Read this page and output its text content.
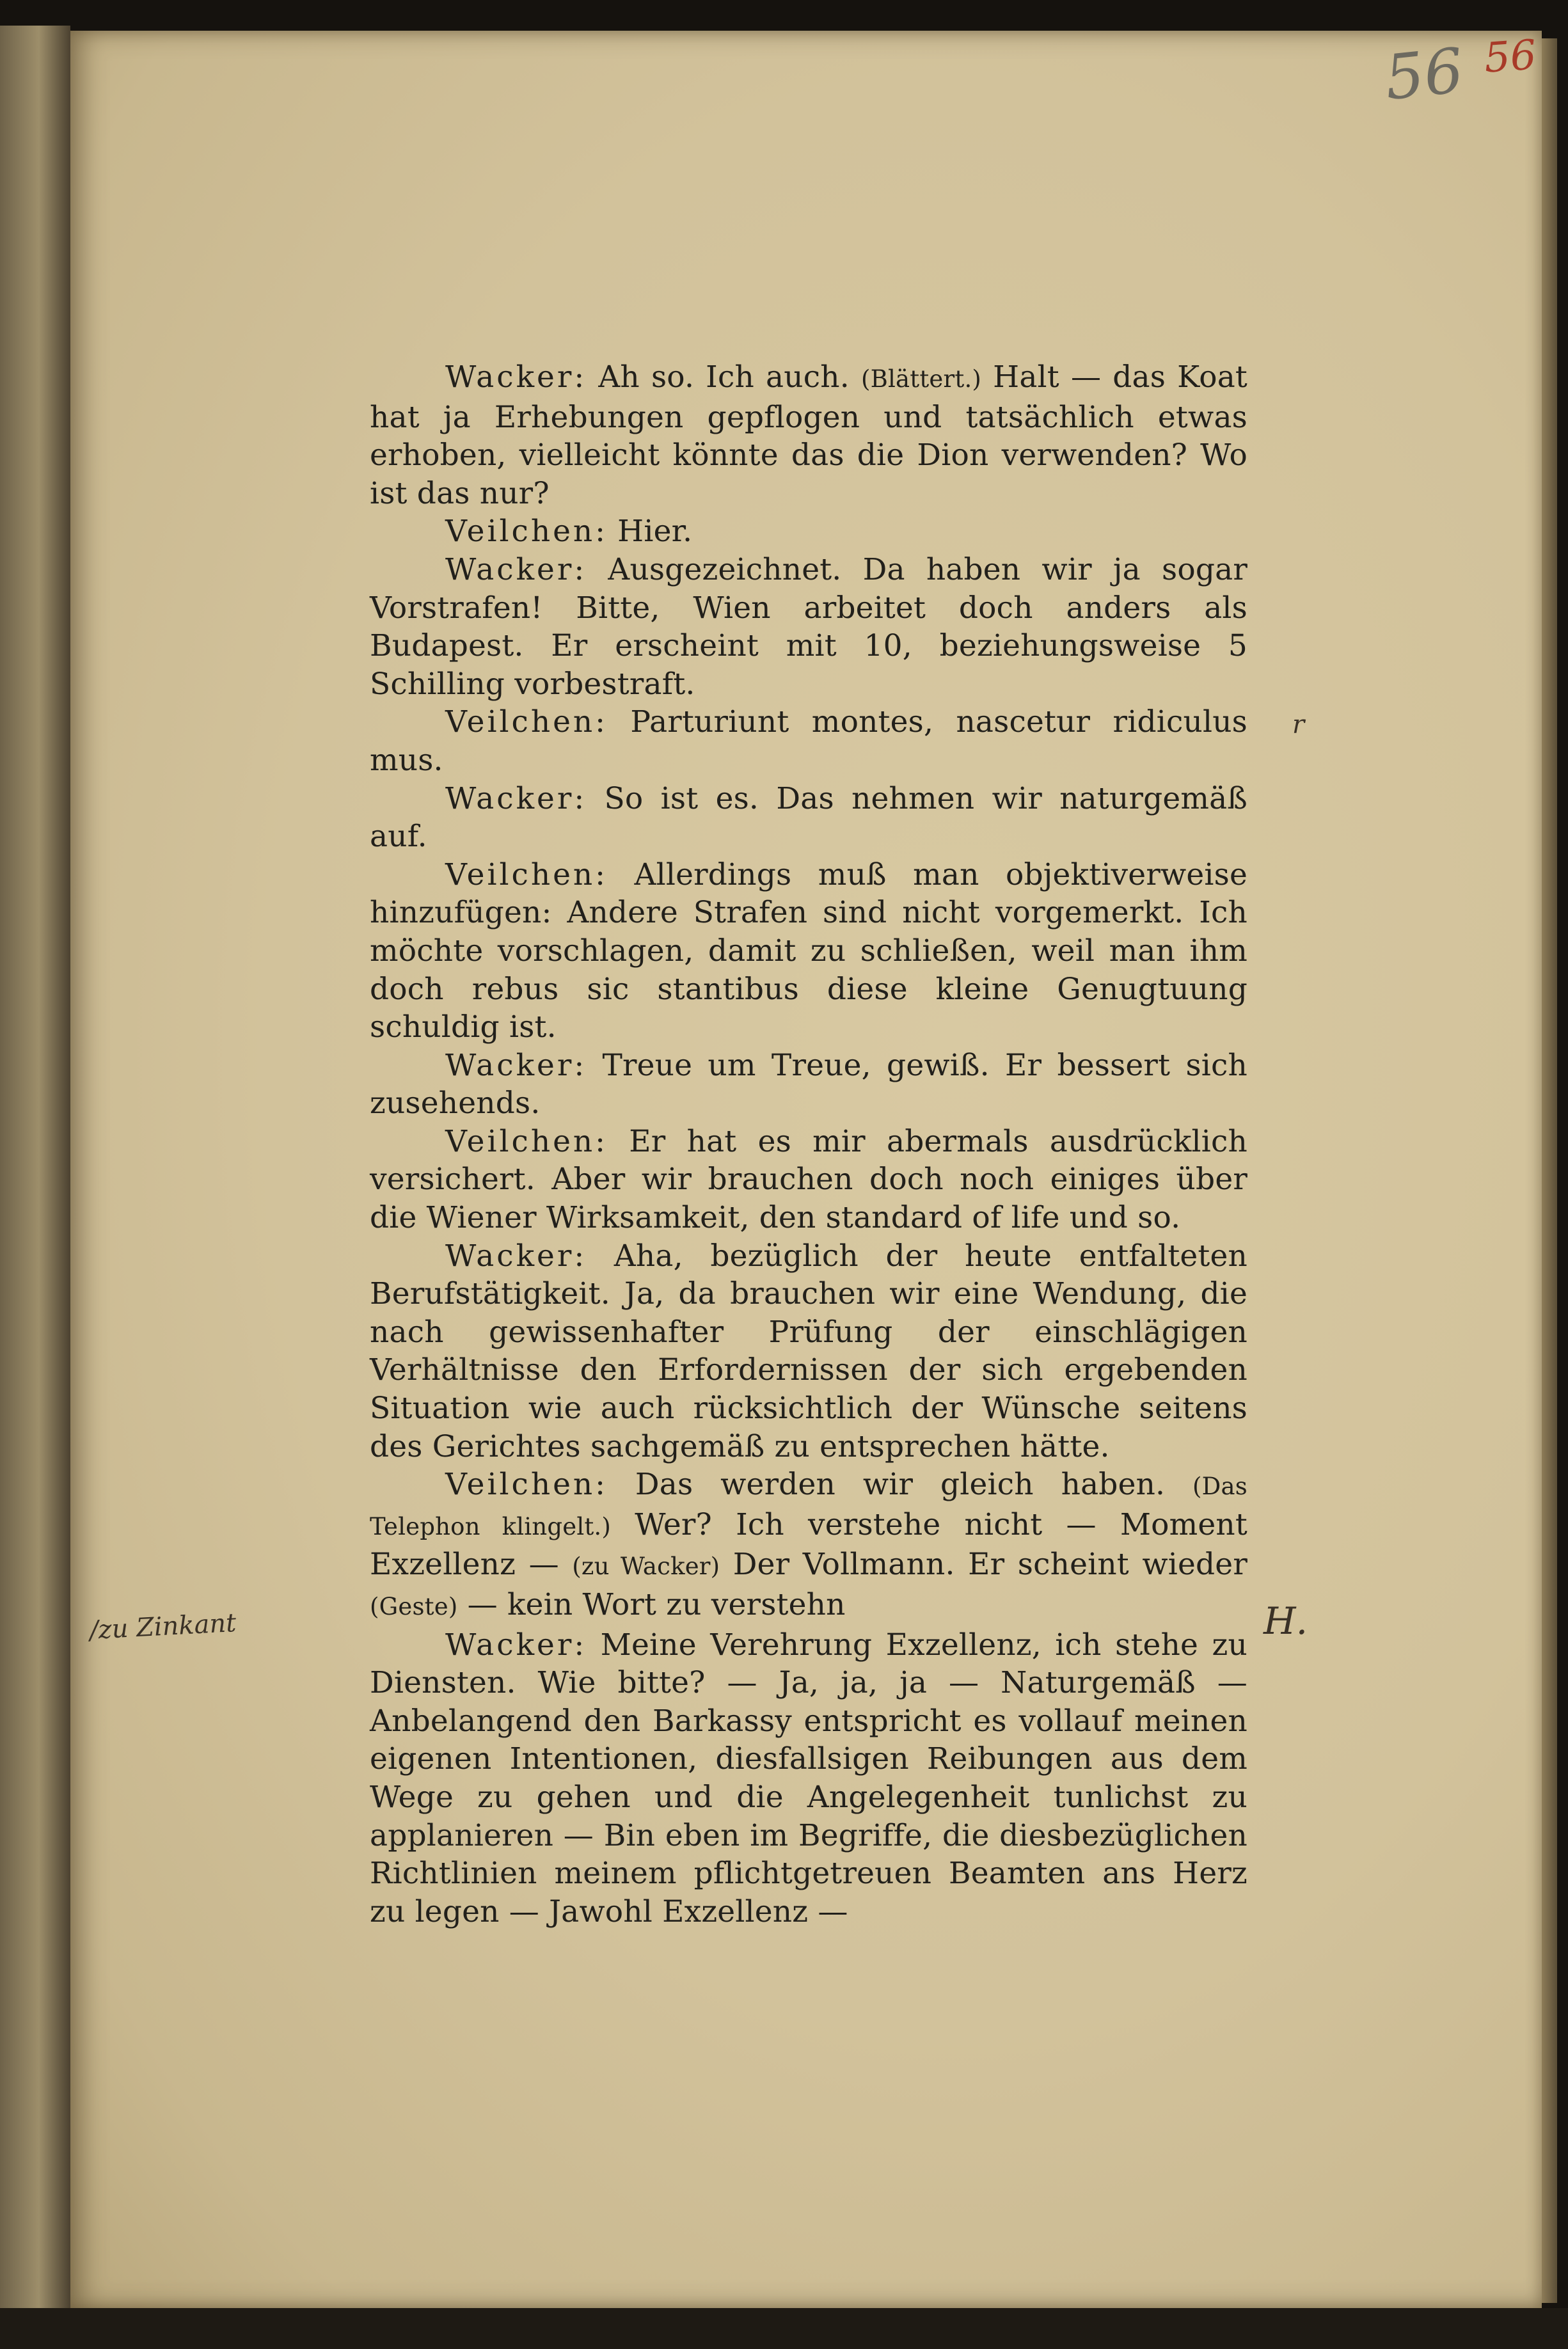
56 56
/zu Zinkant	H.
r

Wacker: Ah so. Ich auch. (Blättert.) Halt — das Koat hat ja Erhebungen gepflogen und tatsächlich etwas erhoben, vielleicht könnte das die Dion verwenden? Wo ist das nur?

Veilchen: Hier.

Wacker: Ausgezeichnet. Da haben wir ja sogar Vorstrafen! Bitte, Wien arbeitet doch anders als Budapest. Er erscheint mit 10, beziehungsweise 5 Schilling vorbestraft.

Veilchen: Parturiunt montes, nascetur ridiculus mus.

Wacker: So ist es. Das nehmen wir naturgemäß auf.

Veilchen: Allerdings muß man objektiverweise hinzufügen: Andere Strafen sind nicht vorgemerkt. Ich möchte vorschlagen, damit zu schließen, weil man ihm doch rebus sic stantibus diese kleine Genugtuung schuldig ist.

Wacker: Treue um Treue, gewiß. Er bessert sich zusehends.

Veilchen: Er hat es mir abermals ausdrücklich versichert. Aber wir brauchen doch noch einiges über die Wiener Wirksamkeit, den standard of life und so.

Wacker: Aha, bezüglich der heute entfalteten Berufstätigkeit. Ja, da brauchen wir eine Wendung, die nach gewissenhafter Prüfung der einschlägigen Verhältnisse den Erfordernissen der sich ergebenden Situation wie auch rücksichtlich der Wünsche seitens des Gerichtes sachgemäß zu entsprechen hätte.

Veilchen: Das werden wir gleich haben. (Das Telephon klingelt.) Wer? Ich verstehe nicht — Moment Exzellenz — (zu Wacker) Der Vollmann. Er scheint wieder (Geste) — kein Wort zu verstehn

Wacker: Meine Verehrung Exzellenz, ich stehe zu Diensten. Wie bitte? — Ja, ja, ja — Naturgemäß — Anbelangend den Barkassy entspricht es vollauf meinen eigenen Intentionen, diesfallsigen Reibungen aus dem Wege zu gehen und die Angelegenheit tunlichst zu applanieren — Bin eben im Begriffe, die diesbezüglichen Richtlinien meinem pflichtgetreuen Beamten ans Herz zu legen — Jawohl Exzellenz —
